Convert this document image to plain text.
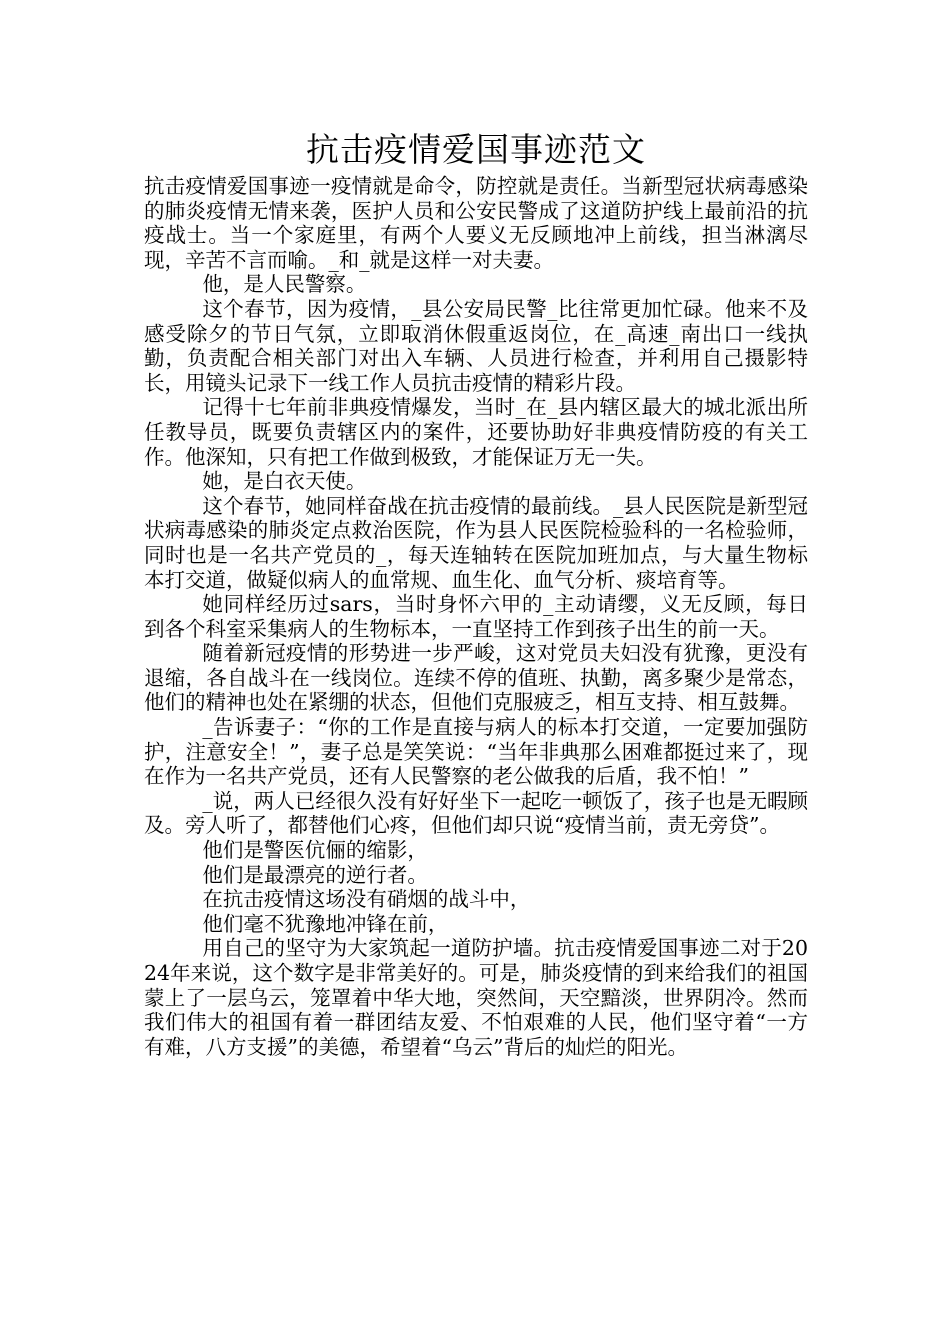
抗击疫情爱国事迹范文

抗击疫情爱国事迹一疫情就是命令，防控就是责任。当新型冠状病毒感染的肺炎疫情无情来袭，医护人员和公安民警成了这道防护线上最前沿的抗疫战士。当一个家庭里，有两个人要义无反顾地冲上前线，担当淋漓尽现，辛苦不言而喻。_和_就是这样一对夫妻。

他，是人民警察。

这个春节，因为疫情，_县公安局民警_比往常更加忙碌。他来不及感受除夕的节日气氛，立即取消休假重返岗位，在_高速_南出口一线执勤，负责配合相关部门对出入车辆、人员进行检查，并利用自己摄影特长，用镜头记录下一线工作人员抗击疫情的精彩片段。

记得十七年前非典疫情爆发，当时_在_县内辖区最大的城北派出所任教导员，既要负责辖区内的案件，还要协助好非典疫情防疫的有关工作。他深知，只有把工作做到极致，才能保证万无一失。

她，是白衣天使。

这个春节，她同样奋战在抗击疫情的最前线。_县人民医院是新型冠状病毒感染的肺炎定点救治医院，作为县人民医院检验科的一名检验师，同时也是一名共产党员的_，每天连轴转在医院加班加点，与大量生物标本打交道，做疑似病人的血常规、血生化、血气分析、痰培育等。

她同样经历过sars，当时身怀六甲的_主动请缨，义无反顾，每日到各个科室采集病人的生物标本，一直坚持工作到孩子出生的前一天。

随着新冠疫情的形势进一步严峻，这对党员夫妇没有犹豫，更没有退缩，各自战斗在一线岗位。连续不停的值班、执勤，离多聚少是常态，他们的精神也处在紧绷的状态，但他们克服疲乏，相互支持、相互鼓舞。

_告诉妻子：“你的工作是直接与病人的标本打交道，一定要加强防护，注意安全！”，妻子总是笑笑说：“当年非典那么困难都挺过来了，现在作为一名共产党员，还有人民警察的老公做我的后盾，我不怕！”

_说，两人已经很久没有好好坐下一起吃一顿饭了，孩子也是无暇顾及。旁人听了，都替他们心疼，但他们却只说“疫情当前，责无旁贷”。

他们是警医伉俪的缩影，

他们是最漂亮的逆行者。

在抗击疫情这场没有硝烟的战斗中，

他们毫不犹豫地冲锋在前，

用自己的坚守为大家筑起一道防护墙。抗击疫情爱国事迹二对于2024年来说，这个数字是非常美好的。可是，肺炎疫情的到来给我们的祖国蒙上了一层乌云，笼罩着中华大地，突然间，天空黯淡，世界阴冷。然而我们伟大的祖国有着一群团结友爱、不怕艰难的人民，他们坚守着“一方有难，八方支援”的美德，希望着“乌云”背后的灿烂的阳光。
